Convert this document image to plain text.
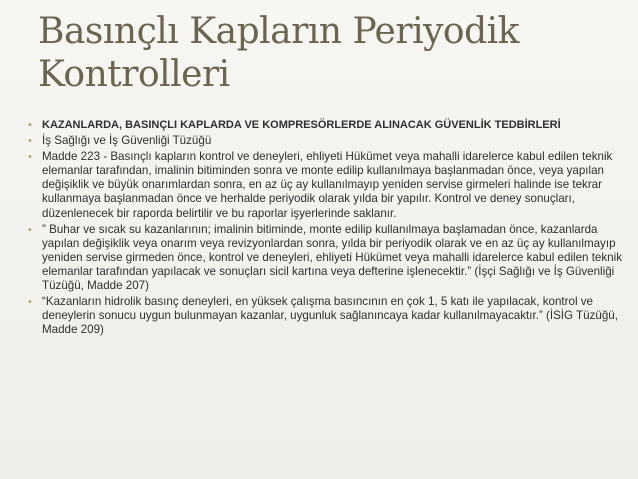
Basınçlı Kapların Periyodik
Kontrolleri
• KAZANLARDA, BASINÇLI KAPLARDA VE KOMPRESÖRLERDE ALINACAK GÜVENLİK TEDBİRLERİ
• İş Sağlığı ve İş Güvenliği Tüzüğü
• Madde 223 - Basınçlı kapların kontrol ve deneyleri, ehliyeti Hükümet veya mahalli idarelerce kabul edilen teknik elemanlar tarafından, imalinin bitiminden sonra ve monte edilip kullanılmaya başlanmadan önce, veya yapılan değişiklik ve büyük onarımlardan sonra, en az üç ay kullanılmayıp yeniden servise girmeleri halinde ise tekrar kullanmaya başlanmadan önce ve herhalde periyodik olarak yılda bir yapılır. Kontrol ve deney sonuçları, düzenlenecek bir raporda belirtilir ve bu raporlar işyerlerinde saklanır.
• ” Buhar ve sıcak su kazanlarının; imalinin bitiminde, monte edilip kullanılmaya başlamadan önce, kazanlarda yapılan değişiklik veya onarım veya revizyonlardan sonra, yılda bir periyodik olarak ve en az üç ay kullanılmayıp yeniden servise girmeden önce, kontrol ve deneyleri, ehliyeti Hükümet veya mahalli idarelerce kabul edilen teknik elemanlar tarafından yapılacak ve sonuçları sicil kartına veya defterine işlenecektir.” (İşçi Sağlığı ve İş Güvenliği Tüzüğü, Madde 207)
• “Kazanların hidrolik basınç deneyleri, en yüksek çalışma basıncının en çok 1, 5 katı ile yapılacak, kontrol ve deneylerin sonucu uygun bulunmayan kazanlar, uygunluk sağlanıncaya kadar kullanılmayacaktır.” (İSİG Tüzüğü, Madde 209)
